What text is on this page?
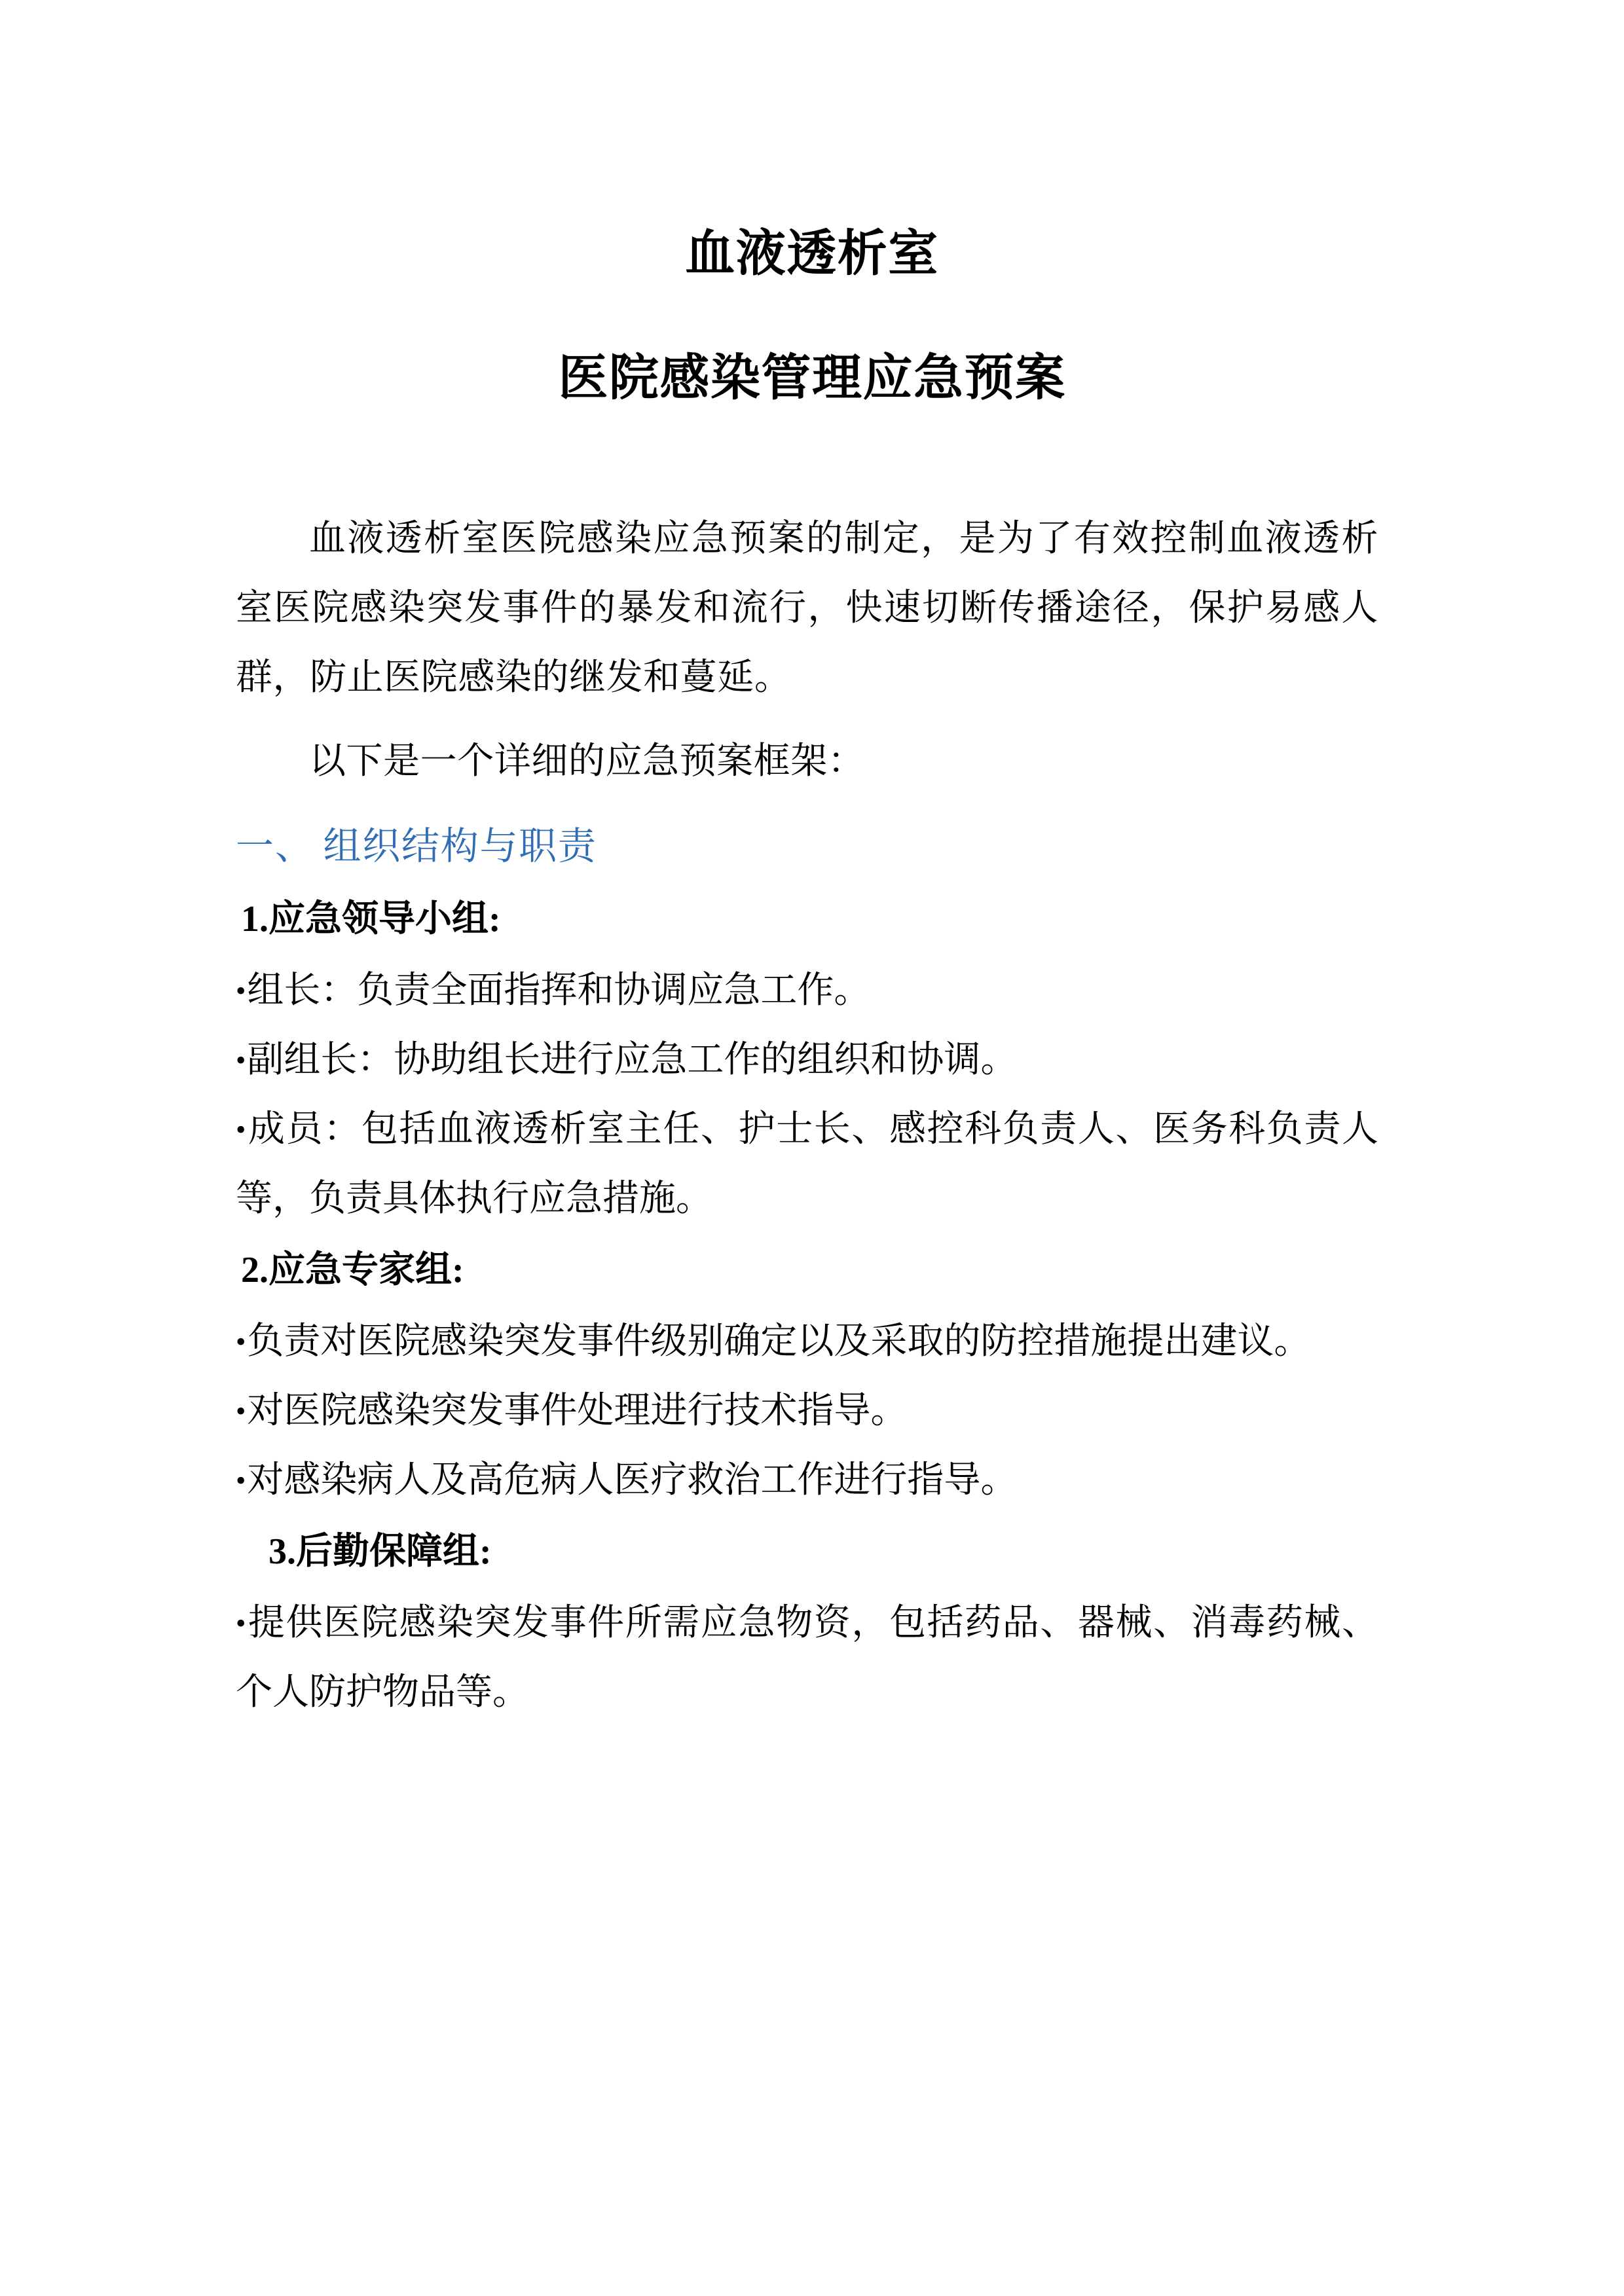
血液透析室
医院感染管理应急预案

血液透析室医院感染应急预案的制定，是为了有效控制血液透析室医院感染突发事件的暴发和流行，快速切断传播途径，保护易感人群，防止医院感染的继发和蔓延。

以下是一个详细的应急预案框架：

一、 组织结构与职责
1.应急领导小组:

•组长：负责全面指挥和协调应急工作。

•副组长：协助组长进行应急工作的组织和协调。

•成员：包括血液透析室主任、护士长、感控科负责人、医务科负责人等，负责具体执行应急措施。

2.应急专家组:

•负责对医院感染突发事件级别确定以及采取的防控措施提出建议。

•对医院感染突发事件处理进行技术指导。

•对感染病人及高危病人医疗救治工作进行指导。

3.后勤保障组:

•提供医院感染突发事件所需应急物资，包括药品、器械、消毒药械、个人防护物品等。
